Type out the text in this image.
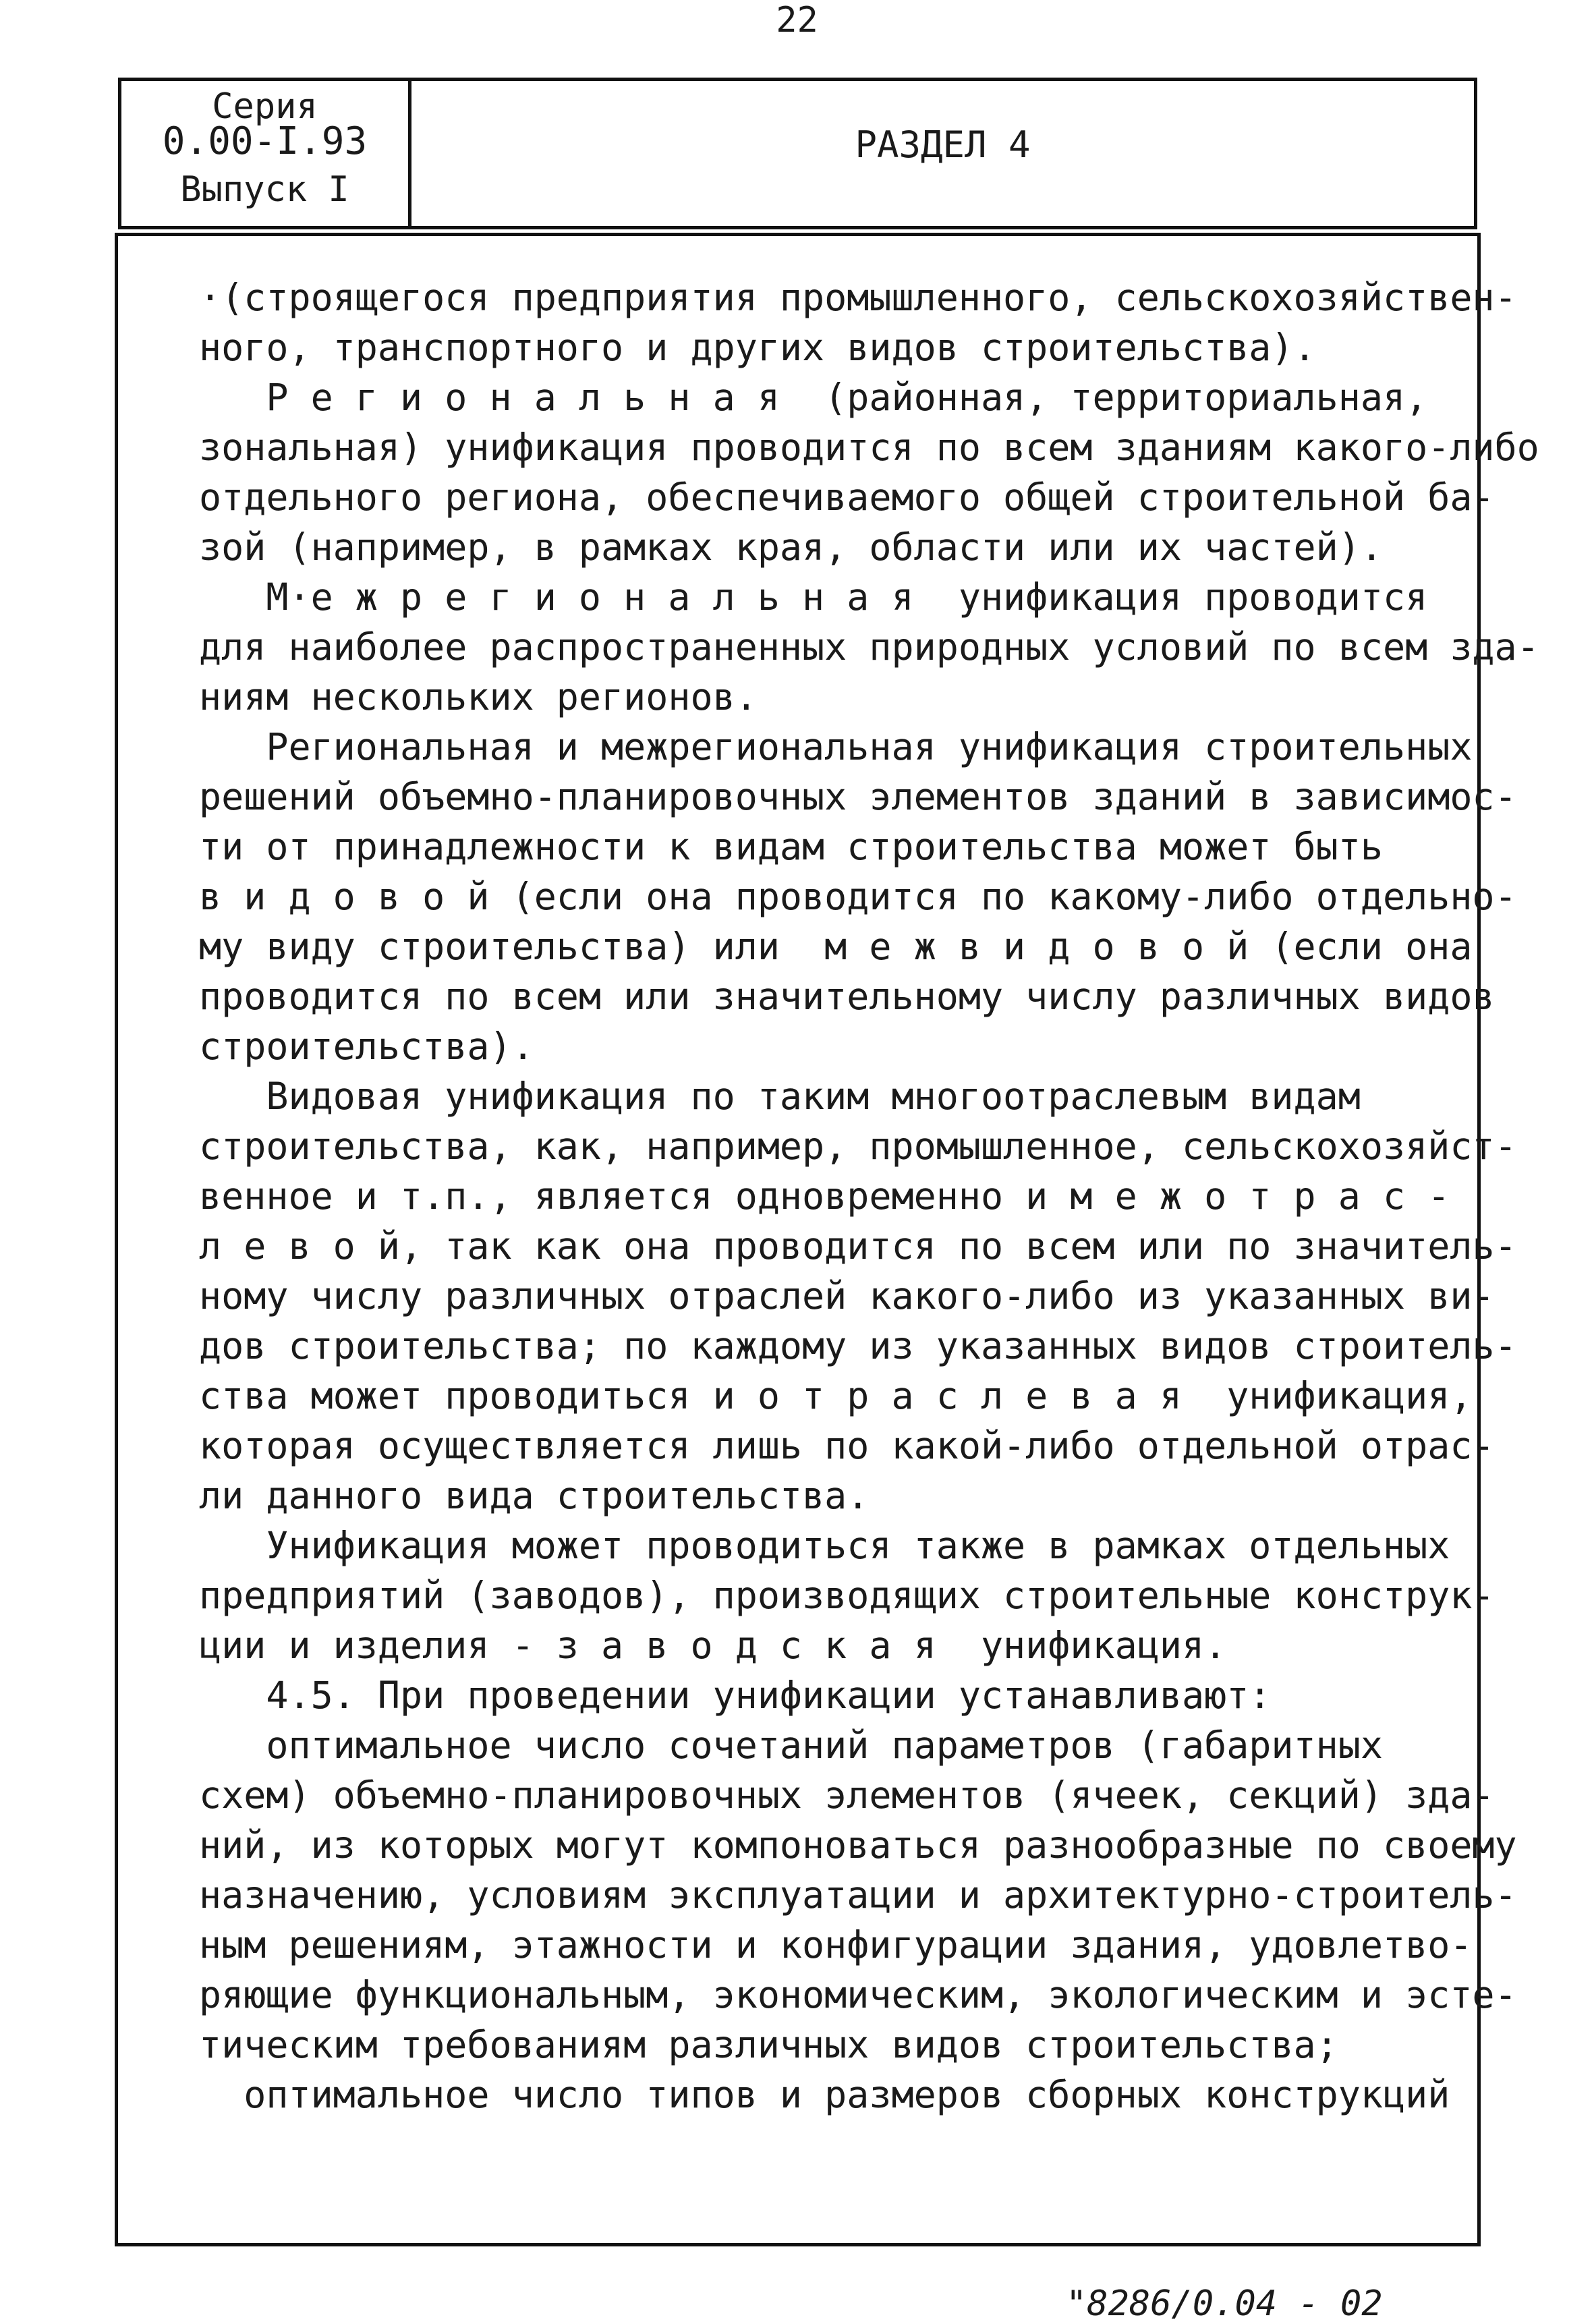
22
Серия
0.00-I.93
Выпуск I
РАЗДЕЛ 4
·(строящегося предприятия промышленного, сельскохозяйствен-
ного, транспортного и других видов строительства).
Р е г и о н а л ь н а я  (районная, территориальная,
зональная) унификация проводится по всем зданиям какого-либо
отдельного региона, обеспечиваемого общей строительной ба-
зой (например, в рамках края, области или их частей).
М·е ж р е г и о н а л ь н а я  унификация проводится
для наиболее распространенных природных условий по всем зда-
ниям нескольких регионов.
Региональная и межрегиональная унификация строительных
решений объемно-планировочных элементов зданий в зависимос-
ти от принадлежности к видам строительства может быть
в и д о в о й (если она проводится по какому-либо отдельно-
му виду строительства) или  м е ж в и д о в о й (если она
проводится по всем или значительному числу различных видов
строительства).
Видовая унификация по таким многоотраслевым видам
строительства, как, например, промышленное, сельскохозяйст-
венное и т.п., является одновременно и м е ж о т р а с -
л е в о й, так как она проводится по всем или по значитель-
ному числу различных отраслей какого-либо из указанных ви-
дов строительства; по каждому из указанных видов строитель-
ства может проводиться и о т р а с л е в а я  унификация,
которая осуществляется лишь по какой-либо отдельной отрас-
ли данного вида строительства.
Унификация может проводиться также в рамках отдельных
предприятий (заводов), производящих строительные конструк-
ции и изделия - з а в о д с к а я  унификация.
4.5. При проведении унификации устанавливают:
оптимальное число сочетаний параметров (габаритных
схем) объемно-планировочных элементов (ячеек, секций) зда-
ний, из которых могут компоноваться разнообразные по своему
назначению, условиям эксплуатации и архитектурно-строитель-
ным решениям, этажности и конфигурации здания, удовлетво-
ряющие функциональным, экономическим, экологическим и эсте-
тическим требованиям различных видов строительства;
оптимальное число типов и размеров сборных конструкций
"8286/0.04 - 02
